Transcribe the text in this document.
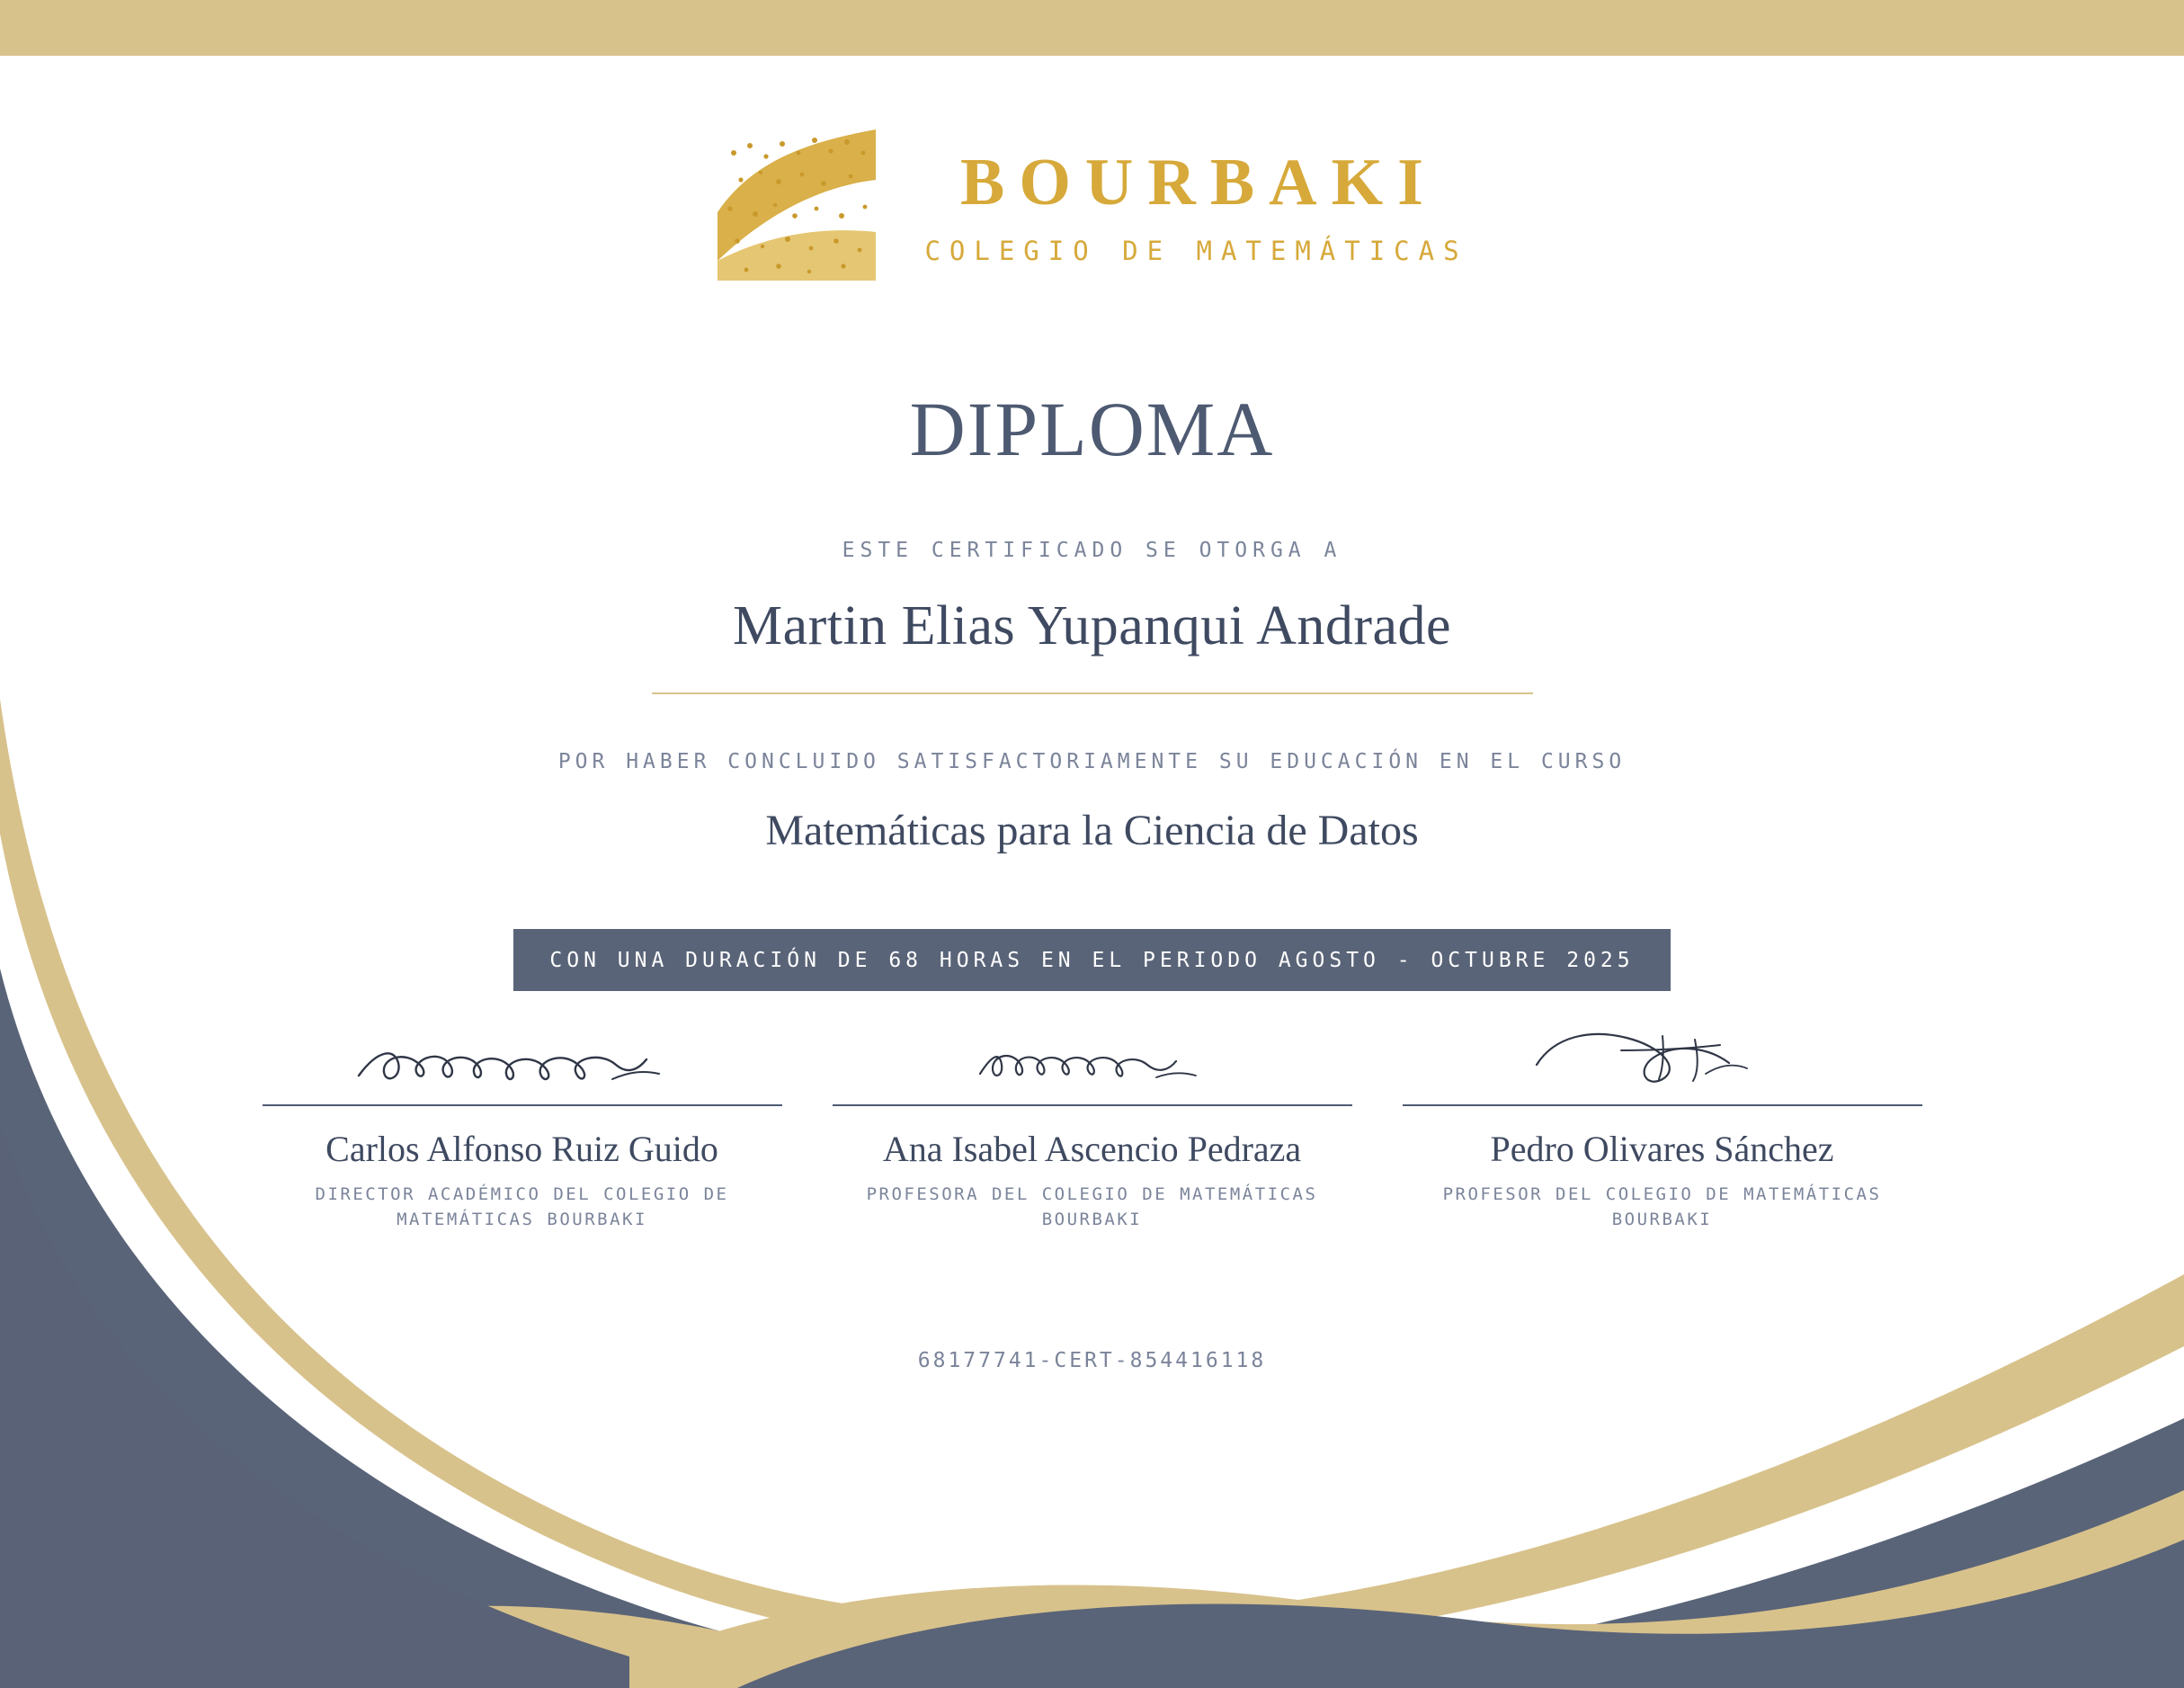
BOURBAKI
COLEGIO DE MATEMÁTICAS
DIPLOMA
ESTE CERTIFICADO SE OTORGA A
Martin Elias Yupanqui Andrade
POR HABER CONCLUIDO SATISFACTORIAMENTE SU EDUCACIÓN EN EL CURSO
Matemáticas para la Ciencia de Datos
CON UNA DURACIÓN DE 68 HORAS EN EL PERIODO AGOSTO - OCTUBRE 2025
Carlos Alfonso Ruiz Guido
DIRECTOR ACADÉMICO DEL COLEGIO DE MATEMÁTICAS BOURBAKI
Ana Isabel Ascencio Pedraza
PROFESORA DEL COLEGIO DE MATEMÁTICAS BOURBAKI
Pedro Olivares Sánchez
PROFESOR DEL COLEGIO DE MATEMÁTICAS BOURBAKI
68177741-CERT-854416118
